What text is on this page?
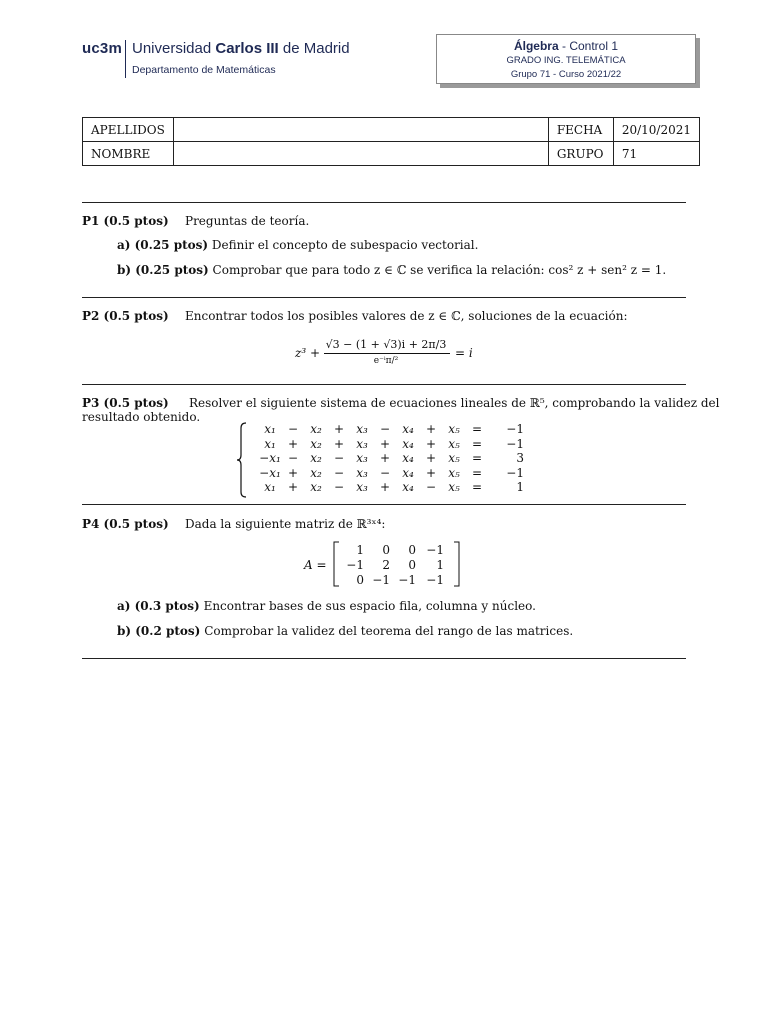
uc3m Universidad Carlos III de Madrid
Departamento de Matemáticas
Álgebra - Control 1
GRADO ING. TELEMÁTICA
Grupo 71 - Curso 2021/22
APELLIDOS		FECHA	20/10/2021
NOMBRE		GRUPO	71
P1 (0.5 ptos) Preguntas de teoría.
a) (0.25 ptos) Definir el concepto de subespacio vectorial.
b) (0.25 ptos) Comprobar que para todo z ∈ ℂ se verifica la relación: cos² z + sen² z = 1.
P2 (0.5 ptos) Encontrar todos los posibles valores de z ∈ ℂ, soluciones de la ecuación:
z³ +
√3 − (1 + √3)i + 2π/3
e⁻ⁱπ/²
= i
P3 (0.5 ptos) Resolver el siguiente sistema de ecuaciones lineales de ℝ⁵, comprobando la validez del
resultado obtenido.
x₁	−	x₂	+	x₃	−	x₄	+	x₅	=	−1
x₁	+	x₂	+	x₃	+	x₄	+	x₅	=	−1
−x₁ −	x₂	−	x₃	+	x₄	+	x₅	=	3
−x₁ +	x₂	−	x₃	−	x₄	+	x₅	=	−1
x₁	+	x₂	−	x₃	+	x₄	−	x₅	=	1
P4 (0.5 ptos) Dada la siguiente matriz de ℝ³ˣ⁴:
A =
1	0	0 −1
−1	2	0	1
0 −1 −1 −1
a) (0.3 ptos) Encontrar bases de sus espacio fila, columna y núcleo.
b) (0.2 ptos) Comprobar la validez del teorema del rango de las matrices.
